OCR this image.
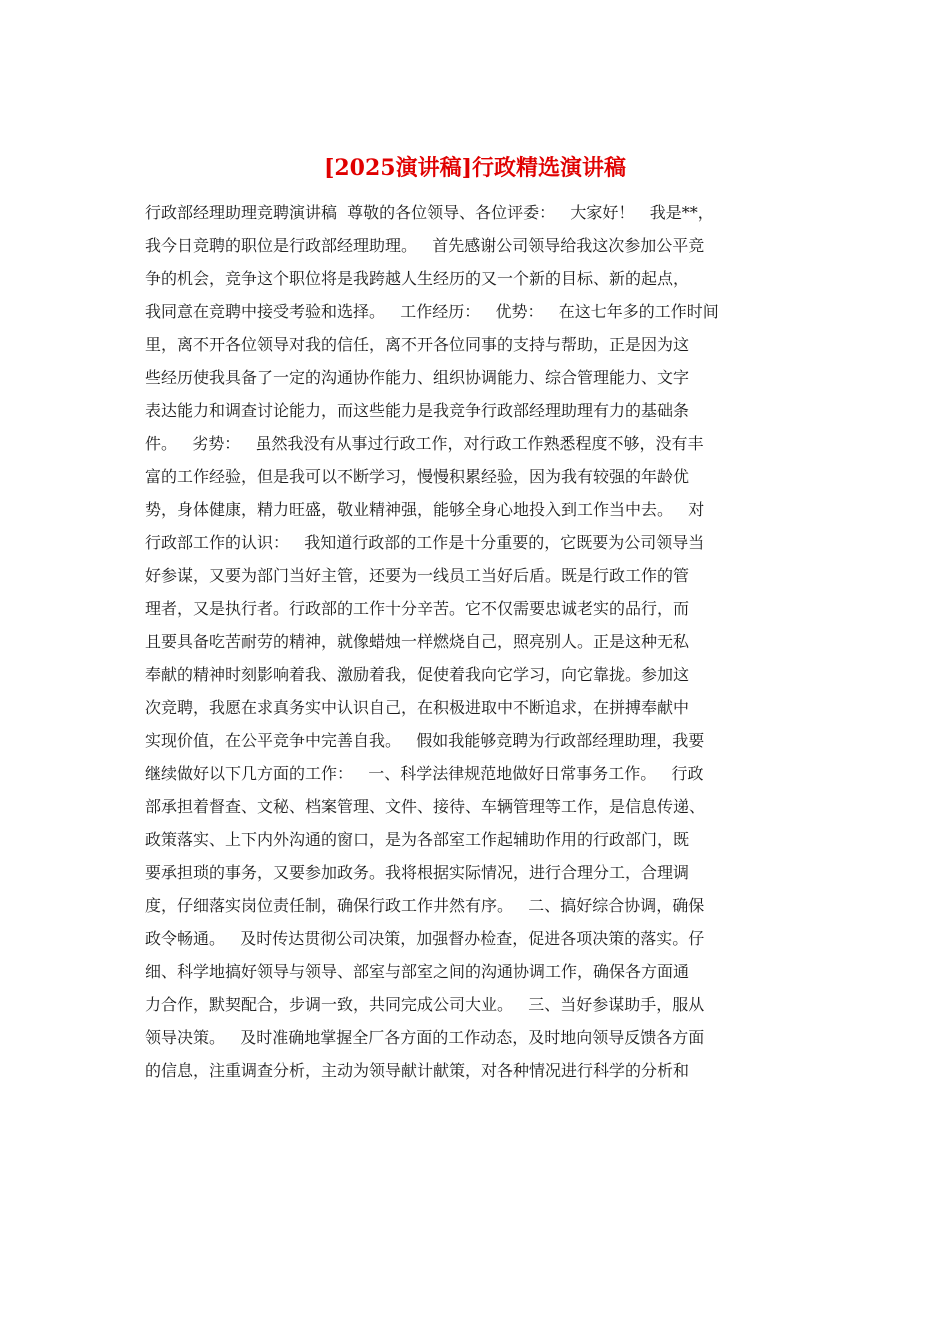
[2025演讲稿]行政精选演讲稿
行政部经理助理竞聘演讲稿  尊敬的各位领导、各位评委：   大家好！   我是**，
我今日竞聘的职位是行政部经理助理。   首先感谢公司领导给我这次参加公平竞
争的机会，竞争这个职位将是我跨越人生经历的又一个新的目标、新的起点，
我同意在竞聘中接受考验和选择。   工作经历：   优势：   在这七年多的工作时间
里，离不开各位领导对我的信任，离不开各位同事的支持与帮助，正是因为这
些经历使我具备了一定的沟通协作能力、组织协调能力、综合管理能力、文字
表达能力和调查讨论能力，而这些能力是我竞争行政部经理助理有力的基础条
件。   劣势：   虽然我没有从事过行政工作，对行政工作熟悉程度不够，没有丰
富的工作经验，但是我可以不断学习，慢慢积累经验，因为我有较强的年龄优
势，身体健康，精力旺盛，敬业精神强，能够全身心地投入到工作当中去。   对
行政部工作的认识：   我知道行政部的工作是十分重要的，它既要为公司领导当
好参谋，又要为部门当好主管，还要为一线员工当好后盾。既是行政工作的管
理者，又是执行者。行政部的工作十分辛苦。它不仅需要忠诚老实的品行，而
且要具备吃苦耐劳的精神，就像蜡烛一样燃烧自己，照亮别人。正是这种无私
奉献的精神时刻影响着我、激励着我，促使着我向它学习，向它靠拢。参加这
次竞聘，我愿在求真务实中认识自己，在积极进取中不断追求，在拼搏奉献中
实现价值，在公平竞争中完善自我。   假如我能够竞聘为行政部经理助理，我要
继续做好以下几方面的工作：   一、科学法律规范地做好日常事务工作。   行政
部承担着督查、文秘、档案管理、文件、接待、车辆管理等工作，是信息传递、
政策落实、上下内外沟通的窗口，是为各部室工作起辅助作用的行政部门，既
要承担琐的事务，又要参加政务。我将根据实际情况，进行合理分工，合理调
度，仔细落实岗位责任制，确保行政工作井然有序。   二、搞好综合协调，确保
政令畅通。   及时传达贯彻公司决策，加强督办检查，促进各项决策的落实。仔
细、科学地搞好领导与领导、部室与部室之间的沟通协调工作，确保各方面通
力合作，默契配合，步调一致，共同完成公司大业。   三、当好参谋助手，服从
领导决策。   及时准确地掌握全厂各方面的工作动态，及时地向领导反馈各方面
的信息，注重调查分析，主动为领导献计献策，对各种情况进行科学的分析和
